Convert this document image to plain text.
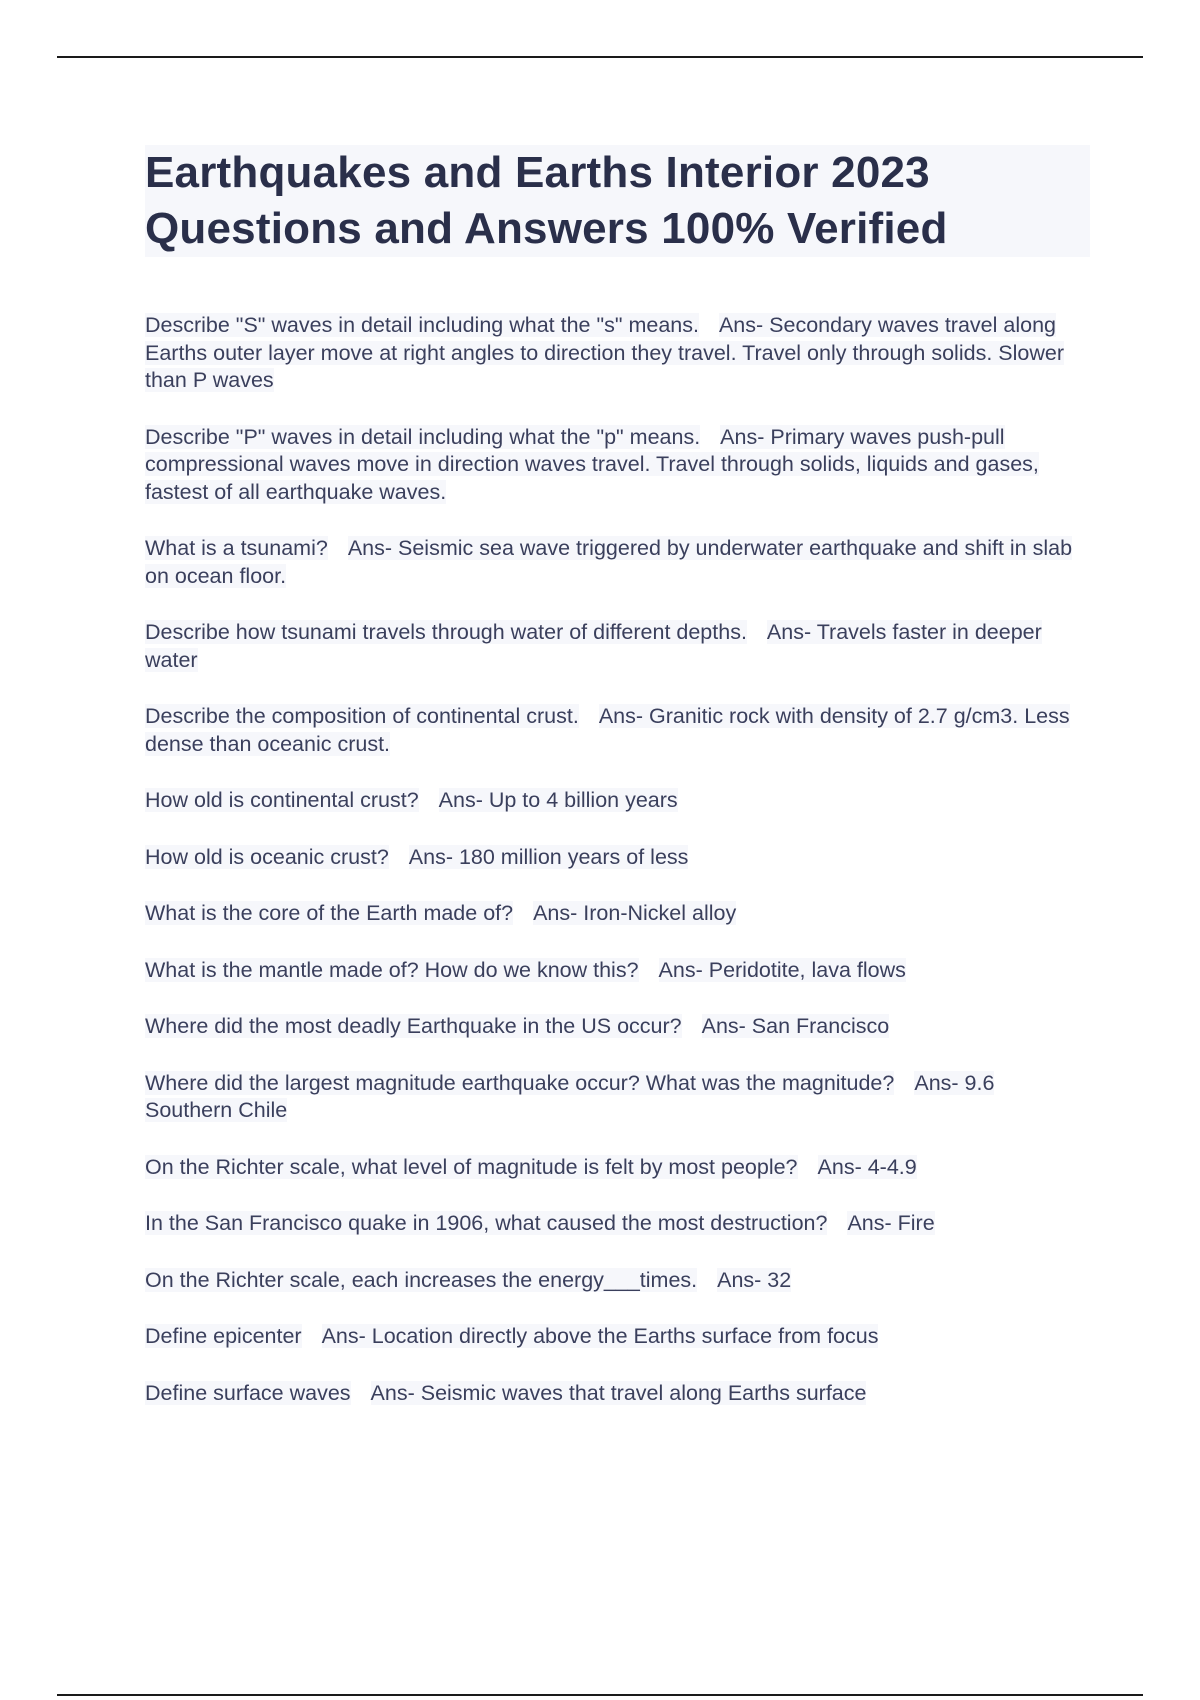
Earthquakes and Earths Interior 2023
Questions and Answers 100% Verified
Describe "S" waves in detail including what the "s" means. Ans- Secondary waves travel along Earths outer layer move at right angles to direction they travel. Travel only through solids. Slower than P waves
Describe "P" waves in detail including what the "p" means. Ans- Primary waves push-pull compressional waves move in direction waves travel. Travel through solids, liquids and gases, fastest of all earthquake waves.
What is a tsunami? Ans- Seismic sea wave triggered by underwater earthquake and shift in slab on ocean floor.
Describe how tsunami travels through water of different depths. Ans- Travels faster in deeper water
Describe the composition of continental crust. Ans- Granitic rock with density of 2.7 g/cm3. Less dense than oceanic crust.
How old is continental crust? Ans- Up to 4 billion years
How old is oceanic crust? Ans- 180 million years of less
What is the core of the Earth made of? Ans- Iron-Nickel alloy
What is the mantle made of? How do we know this? Ans- Peridotite, lava flows
Where did the most deadly Earthquake in the US occur? Ans- San Francisco
Where did the largest magnitude earthquake occur? What was the magnitude? Ans- 9.6 Southern Chile
On the Richter scale, what level of magnitude is felt by most people? Ans- 4-4.9
In the San Francisco quake in 1906, what caused the most destruction? Ans- Fire
On the Richter scale, each increases the energy___times. Ans- 32
Define epicenter Ans- Location directly above the Earths surface from focus
Define surface waves Ans- Seismic waves that travel along Earths surface
